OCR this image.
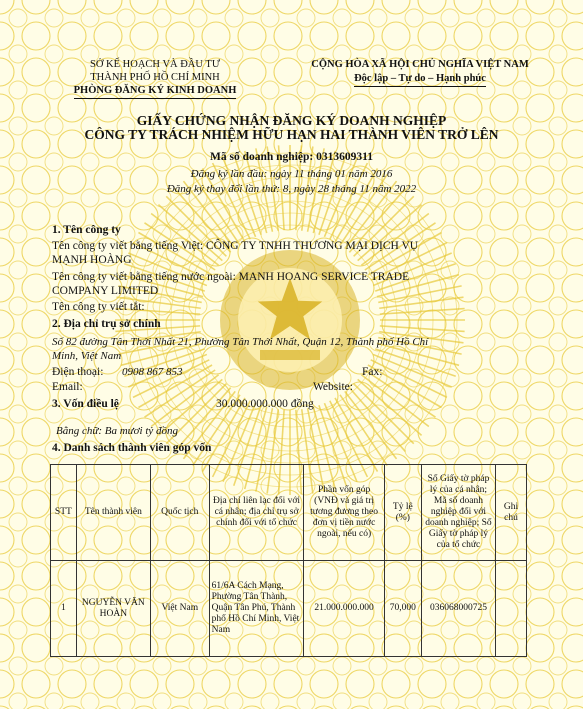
SỞ KẾ HOẠCH VÀ ĐẦU TƯ
THÀNH PHỐ HỒ CHÍ MINH
PHÒNG ĐĂNG KÝ KINH DOANH
CỘNG HÒA XÃ HỘI CHỦ NGHĨA VIỆT NAM
Độc lập – Tự do – Hạnh phúc
GIẤY CHỨNG NHẬN ĐĂNG KÝ DOANH NGHIỆP
CÔNG TY TRÁCH NHIỆM HỮU HẠN HAI THÀNH VIÊN TRỞ LÊN
Mã số doanh nghiệp: 0313609311
Đăng ký lần đầu: ngày 11 tháng 01 năm 2016
Đăng ký thay đổi lần thứ: 8, ngày 28 tháng 11 năm 2022
1. Tên công ty
Tên công ty viết bằng tiếng Việt: CÔNG TY TNHH THƯƠNG MẠI DỊCH VỤ
MẠNH HOÀNG
Tên công ty viết bằng tiếng nước ngoài: MANH HOANG SERVICE TRADE
COMPANY LIMITED
Tên công ty viết tắt:
2. Địa chỉ trụ sở chính
Số 82 đường Tân Thới Nhất 21, Phường Tân Thới Nhất, Quận 12, Thành phố Hồ Chí
Minh, Việt Nam
Điện thoại: 0908 867 853	Fax:
Email:	Website:
3. Vốn điều lệ	30.000.000.000 đồng
Bằng chữ: Ba mươi tỷ đồng
4. Danh sách thành viên góp vốn
STT	Tên thành viên	Quốc tịch	Địa chỉ liên lạc đối với cá nhân; địa chỉ trụ sở chính đối với tổ chức	Phần vốn góp (VNĐ và giá trị tương đương theo đơn vị tiền nước ngoài, nếu có)	Tỷ lệ (%)	Số Giấy tờ pháp lý của cá nhân; Mã số doanh nghiệp đối với doanh nghiệp; Số Giấy tờ pháp lý của tổ chức	Ghi chú
1	NGUYỄN VĂN HOÀN	Việt Nam	61/6A Cách Mạng, Phường Tân Thành, Quận Tân Phú, Thành phố Hồ Chí Minh, Việt Nam	21.000.000.000	70,000	036068000725	
